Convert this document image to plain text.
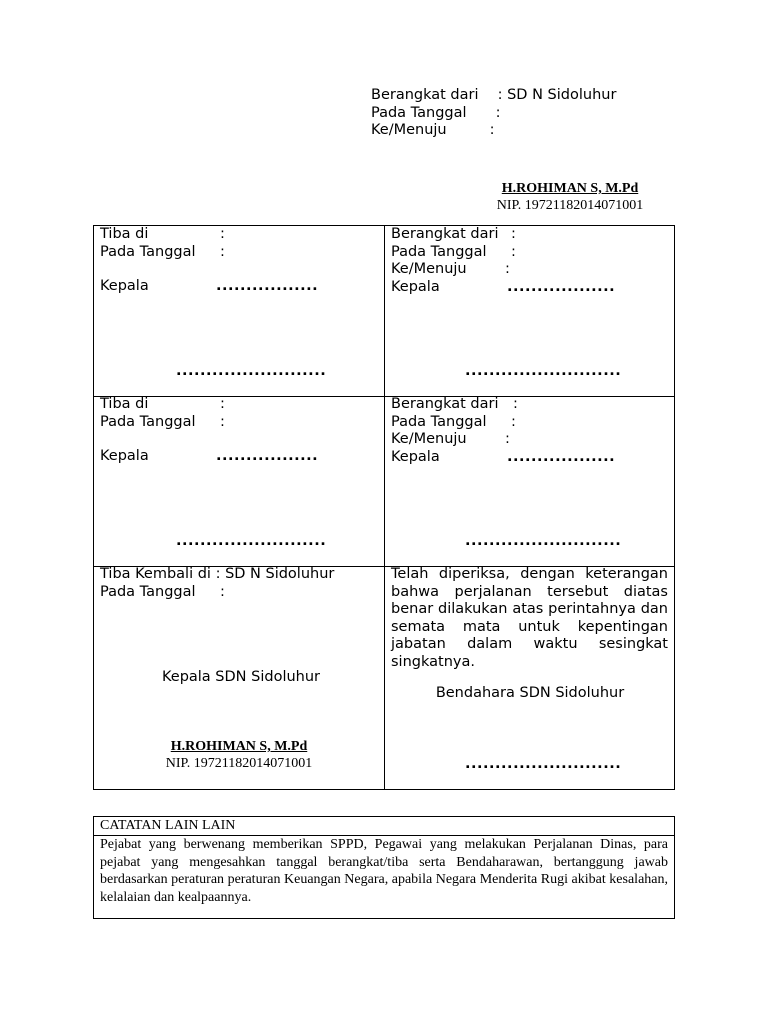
Berangkat dari : SD N Sidoluhur
Pada Tanggal	:
Ke/Menuju	:
H.ROHIMAN S, M.Pd
NIP. 19721182014071001
Tiba di	:
Pada Tanggal	:
Kepala	.................
.........................
Berangkat dari :
Pada Tanggal	:
Ke/Menuju	:
Kepala	..................
..........................
Tiba di	:
Pada Tanggal	:
Kepala	.................
.........................
Berangkat dari :
Pada Tanggal	:
Ke/Menuju	:
Kepala	..................
..........................
Tiba Kembali di : SD N Sidoluhur
Pada Tanggal	:
Kepala SDN Sidoluhur
H.ROHIMAN S, M.Pd
NIP. 19721182014071001
Telah diperiksa, dengan keterangan bahwa perjalanan tersebut diatas benar dilakukan atas perintahnya dan semata mata untuk kepentingan jabatan dalam waktu sesingkat singkatnya.
Bendahara SDN Sidoluhur
..........................
CATATAN LAIN LAIN
Pejabat yang berwenang memberikan SPPD, Pegawai yang melakukan Perjalanan Dinas, para pejabat yang mengesahkan tanggal berangkat/tiba serta Bendaharawan, bertanggung jawab berdasarkan peraturan peraturan Keuangan Negara, apabila Negara Menderita Rugi akibat kesalahan, kelalaian dan kealpaannya.
